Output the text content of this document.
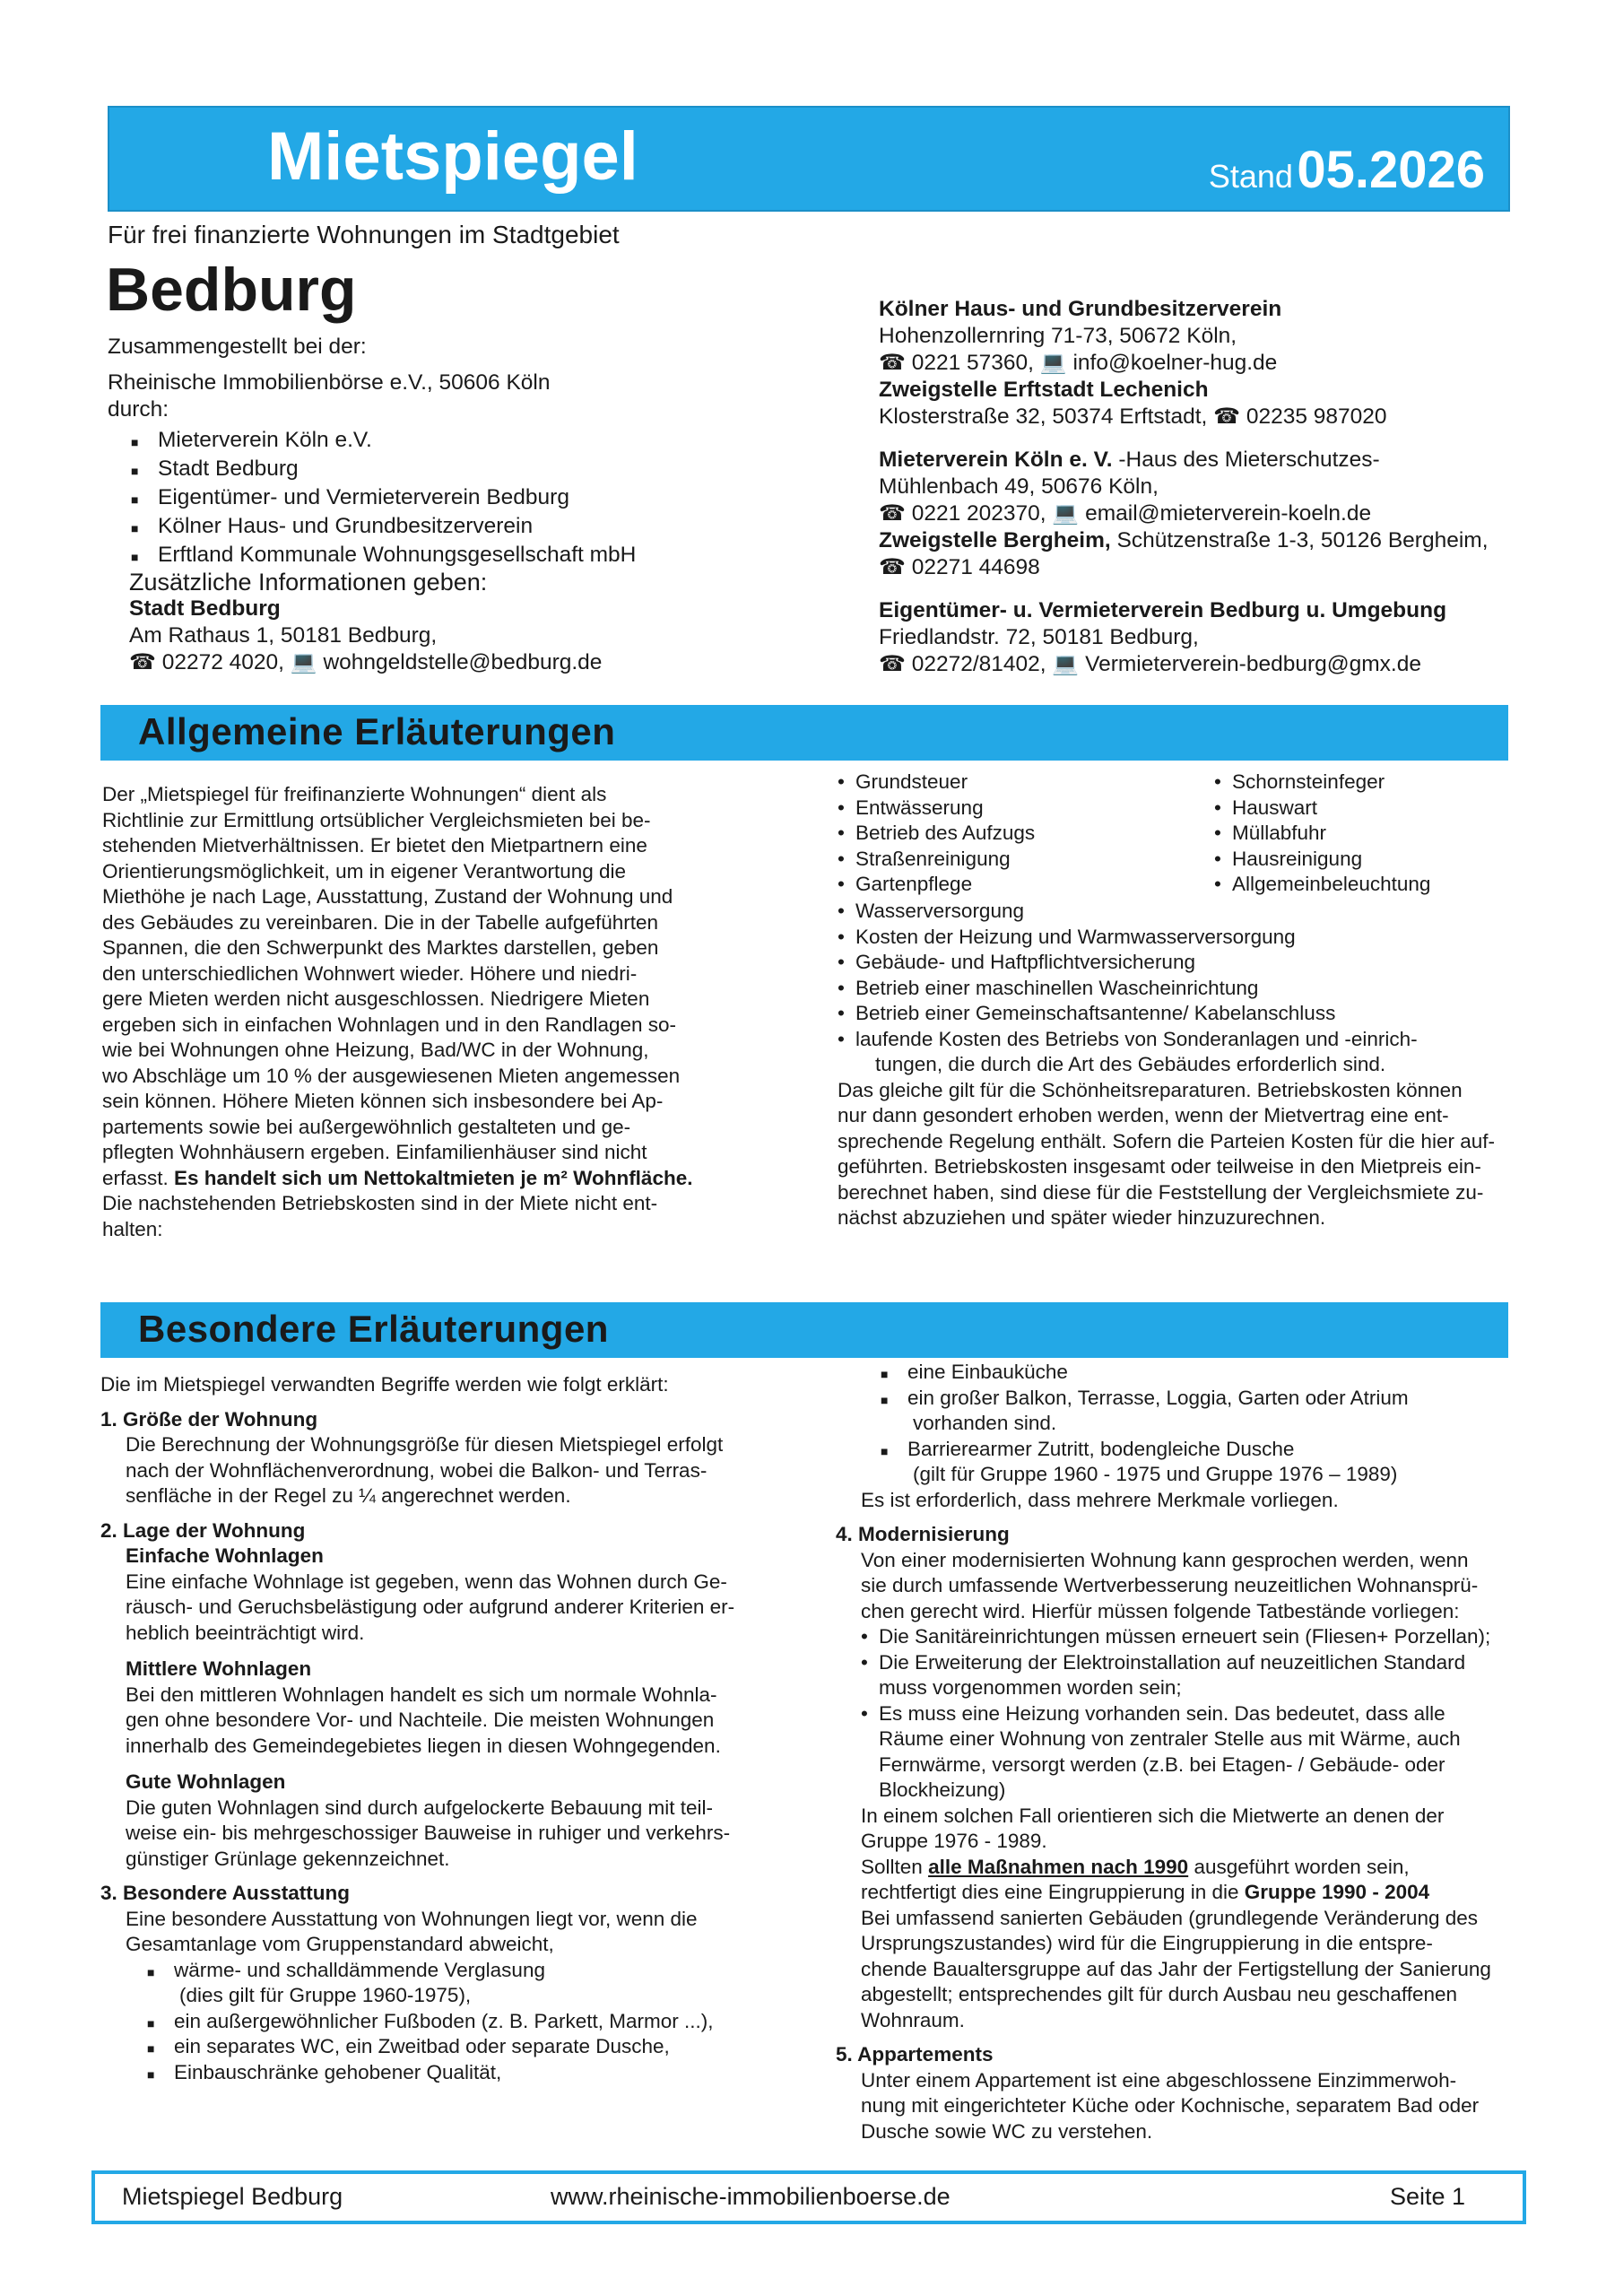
Mietspiegel	Stand 05.2026
Für frei finanzierte Wohnungen im Stadtgebiet
Bedburg

Zusammengestellt bei der:

Rheinische Immobilienbörse e.V., 50606 Köln

durch:

■ Mieterverein Köln e.V.
■ Stadt Bedburg
■ Eigentümer- und Vermieterverein Bedburg
■ Kölner Haus- und Grundbesitzerverein
■ Erftland Kommunale Wohnungsgesellschaft mbH

Zusätzliche Informationen geben:

Stadt Bedburg

Am Rathaus 1, 50181 Bedburg,

☎ 02272 4020, 💻 wohngeldstelle@bedburg.de

Kölner Haus- und Grundbesitzerverein

Hohenzollernring 71-73, 50672 Köln,

☎ 0221 57360, 💻 info@koelner-hug.de

Zweigstelle Erftstadt Lechenich

Klosterstraße 32, 50374 Erftstadt, ☎ 02235 987020

Mieterverein Köln e. V. -Haus des Mieterschutzes-

Mühlenbach 49, 50676 Köln,

☎ 0221 202370, 💻 email@mieterverein-koeln.de

Zweigstelle Bergheim, Schützenstraße 1-3, 50126 Bergheim,

☎ 02271 44698

Eigentümer- u. Vermieterverein Bedburg u. Umgebung

Friedlandstr. 72, 50181 Bedburg,

☎ 02272/81402, 💻 Vermieterverein-bedburg@gmx.de

Allgemeine Erläuterungen

Der „Mietspiegel für freifinanzierte Wohnungen“ dient als

Richtlinie zur Ermittlung ortsüblicher Vergleichsmieten bei be-

stehenden Mietverhältnissen. Er bietet den Mietpartnern eine

Orientierungsmöglichkeit, um in eigener Verantwortung die

Miethöhe je nach Lage, Ausstattung, Zustand der Wohnung und

des Gebäudes zu vereinbaren. Die in der Tabelle aufgeführten

Spannen, die den Schwerpunkt des Marktes darstellen, geben

den unterschiedlichen Wohnwert wieder. Höhere und niedri-

gere Mieten werden nicht ausgeschlossen. Niedrigere Mieten

ergeben sich in einfachen Wohnlagen und in den Randlagen so-

wie bei Wohnungen ohne Heizung, Bad/WC in der Wohnung,

wo Abschläge um 10 % der ausgewiesenen Mieten angemessen

sein können. Höhere Mieten können sich insbesondere bei Ap-

partements sowie bei außergewöhnlich gestalteten und ge-

pflegten Wohnhäusern ergeben. Einfamilienhäuser sind nicht

erfasst. Es handelt sich um Nettokaltmieten je m² Wohnfläche.

Die nachstehenden Betriebskosten sind in der Miete nicht ent-

halten:

• Grundsteuer
• Entwässerung
• Betrieb des Aufzugs
• Straßenreinigung
• Gartenpflege
• Schornsteinfeger
• Hauswart
• Müllabfuhr
• Hausreinigung
• Allgemeinbeleuchtung
• Wasserversorgung
• Kosten der Heizung und Warmwasserversorgung
• Gebäude- und Haftpflichtversicherung
• Betrieb einer maschinellen Wascheinrichtung
• Betrieb einer Gemeinschaftsantenne/ Kabelanschluss
• laufende Kosten des Betriebs von Sonderanlagen und -einrich-

tungen, die durch die Art des Gebäudes erforderlich sind.

Das gleiche gilt für die Schönheitsreparaturen. Betriebskosten können

nur dann gesondert erhoben werden, wenn der Mietvertrag eine ent-

sprechende Regelung enthält. Sofern die Parteien Kosten für die hier auf-

geführten. Betriebskosten insgesamt oder teilweise in den Mietpreis ein-

berechnet haben, sind diese für die Feststellung der Vergleichsmiete zu-

nächst abzuziehen und später wieder hinzuzurechnen.

Besondere Erläuterungen

Die im Mietspiegel verwandten Begriffe werden wie folgt erklärt:

1. Größe der Wohnung

Die Berechnung der Wohnungsgröße für diesen Mietspiegel erfolgt

nach der Wohnflächenverordnung, wobei die Balkon- und Terras-

senfläche in der Regel zu ¼ angerechnet werden.

2. Lage der Wohnung

Einfache Wohnlagen

Eine einfache Wohnlage ist gegeben, wenn das Wohnen durch Ge-

räusch- und Geruchsbelästigung oder aufgrund anderer Kriterien er-

heblich beeinträchtigt wird.

Mittlere Wohnlagen

Bei den mittleren Wohnlagen handelt es sich um normale Wohnla-

gen ohne besondere Vor- und Nachteile. Die meisten Wohnungen

innerhalb des Gemeindegebietes liegen in diesen Wohngegenden.

Gute Wohnlagen

Die guten Wohnlagen sind durch aufgelockerte Bebauung mit teil-

weise ein- bis mehrgeschossiger Bauweise in ruhiger und verkehrs-

günstiger Grünlage gekennzeichnet.

3. Besondere Ausstattung

Eine besondere Ausstattung von Wohnungen liegt vor, wenn die

Gesamtanlage vom Gruppenstandard abweicht,

■ wärme- und schalldämmende Verglasung

(dies gilt für Gruppe 1960-1975),

■ ein außergewöhnlicher Fußboden (z. B. Parkett, Marmor ...),
■ ein separates WC, ein Zweitbad oder separate Dusche,
■ Einbauschränke gehobener Qualität,
■ eine Einbauküche
■ ein großer Balkon, Terrasse, Loggia, Garten oder Atrium

vorhanden sind.

■ Barrierearmer Zutritt, bodengleiche Dusche

(gilt für Gruppe 1960 - 1975 und Gruppe 1976 – 1989)

Es ist erforderlich, dass mehrere Merkmale vorliegen.

4. Modernisierung

Von einer modernisierten Wohnung kann gesprochen werden, wenn

sie durch umfassende Wertverbesserung neuzeitlichen Wohnansprü-

chen gerecht wird. Hierfür müssen folgende Tatbestände vorliegen:

• Die Sanitäreinrichtungen müssen erneuert sein (Fliesen+ Porzellan);
• Die Erweiterung der Elektroinstallation auf neuzeitlichen Standard

muss vorgenommen worden sein;

• Es muss eine Heizung vorhanden sein. Das bedeutet, dass alle

Räume einer Wohnung von zentraler Stelle aus mit Wärme, auch

Fernwärme, versorgt werden (z.B. bei Etagen- / Gebäude- oder

Blockheizung)

In einem solchen Fall orientieren sich die Mietwerte an denen der

Gruppe 1976 - 1989.

Sollten alle Maßnahmen nach 1990 ausgeführt worden sein,

rechtfertigt dies eine Eingruppierung in die Gruppe 1990 - 2004

Bei umfassend sanierten Gebäuden (grundlegende Veränderung des

Ursprungszustandes) wird für die Eingruppierung in die entspre-

chende Baualtersgruppe auf das Jahr der Fertigstellung der Sanierung

abgestellt; entsprechendes gilt für durch Ausbau neu geschaffenen

Wohnraum.

5. Appartements

Unter einem Appartement ist eine abgeschlossene Einzimmerwoh-

nung mit eingerichteter Küche oder Kochnische, separatem Bad oder

Dusche sowie WC zu verstehen.

Mietspiegel Bedburg	www.rheinische-immobilienboerse.de	Seite 1
